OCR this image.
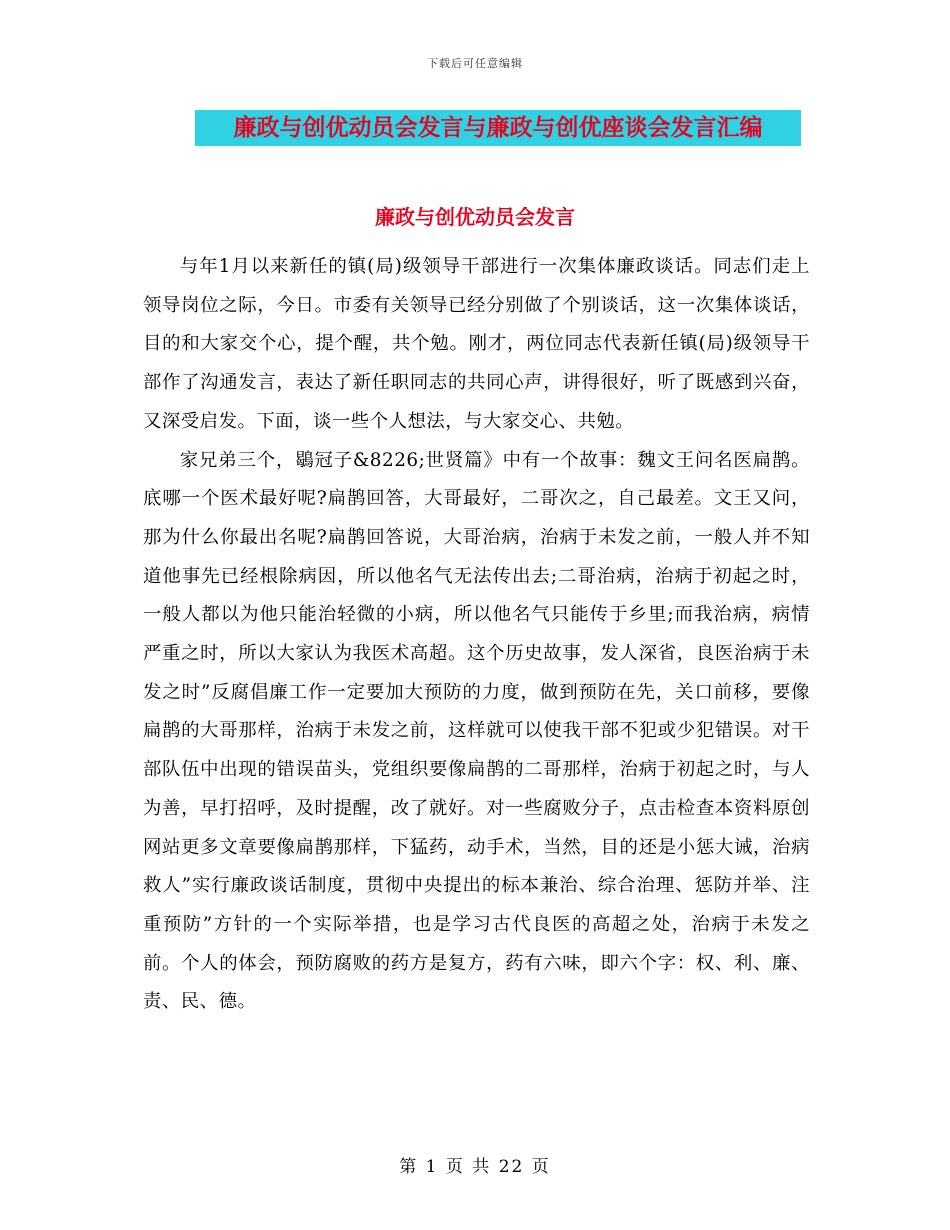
下载后可任意编辑
廉政与创优动员会发言与廉政与创优座谈会发言汇编
廉政与创优动员会发言

与年1月以来新任的镇(局)级领导干部进行一次集体廉政谈话。同志们走上领导岗位之际，今日。市委有关领导已经分别做了个别谈话，这一次集体谈话，目的和大家交个心，提个醒，共个勉。刚才，两位同志代表新任镇(局)级领导干部作了沟通发言，表达了新任职同志的共同心声，讲得很好，听了既感到兴奋，又深受启发。下面，谈一些个人想法，与大家交心、共勉。

家兄弟三个，鶡冠子&8226;世贤篇》中有一个故事：魏文王问名医扁鹊。底哪一个医术最好呢?扁鹊回答，大哥最好，二哥次之，自己最差。文王又问，那为什么你最出名呢?扁鹊回答说，大哥治病，治病于未发之前，一般人并不知道他事先已经根除病因，所以他名气无法传出去;二哥治病，治病于初起之时，一般人都以为他只能治轻微的小病，所以他名气只能传于乡里;而我治病，病情严重之时，所以大家认为我医术高超。这个历史故事，发人深省，良医治病于未发之时”反腐倡廉工作一定要加大预防的力度，做到预防在先，关口前移，要像扁鹊的大哥那样，治病于未发之前，这样就可以使我干部不犯或少犯错误。对干部队伍中出现的错误苗头，党组织要像扁鹊的二哥那样，治病于初起之时，与人为善，早打招呼，及时提醒，改了就好。对一些腐败分子，点击检查本资料原创网站更多文章要像扁鹊那样，下猛药，动手术，当然，目的还是小惩大诫，治病救人”实行廉政谈话制度，贯彻中央提出的标本兼治、综合治理、惩防并举、注重预防”方针的一个实际举措，也是学习古代良医的高超之处，治病于未发之前。个人的体会，预防腐败的药方是复方，药有六味，即六个字：权、利、廉、责、民、德。

第 1 页 共 22 页
